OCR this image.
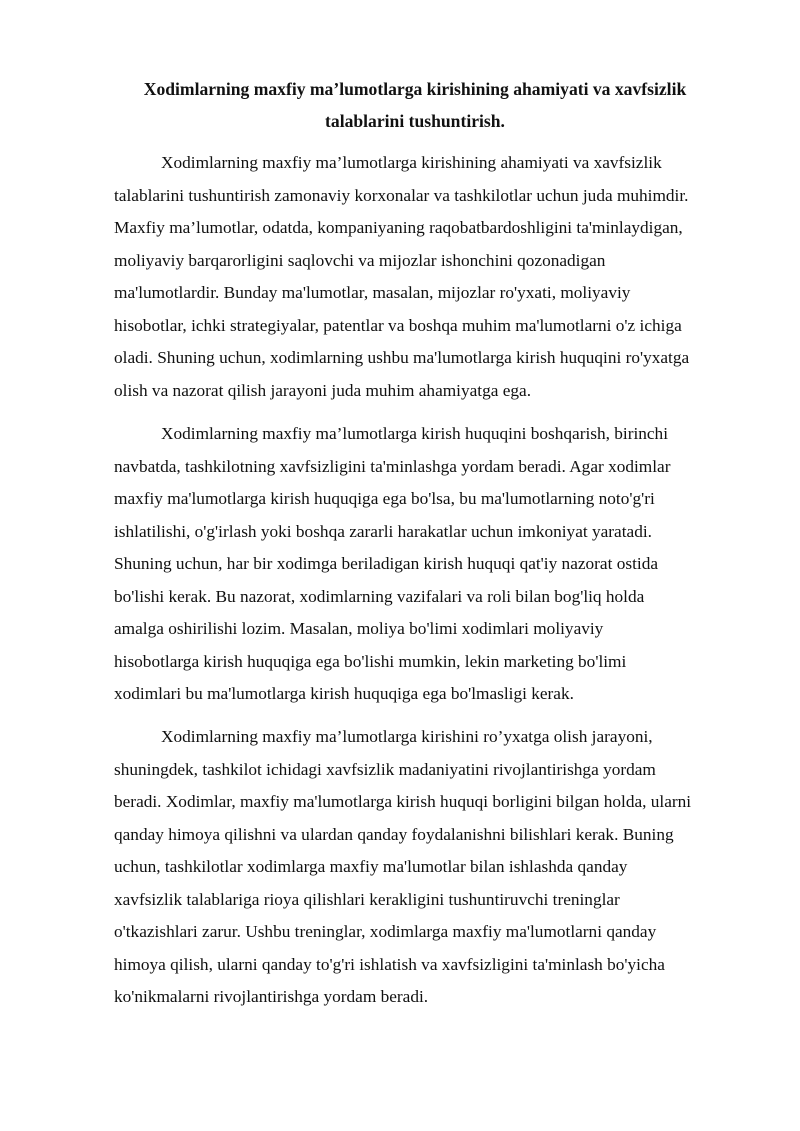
Xodimlarning maxfiy ma’lumotlarga kirishining ahamiyati va xavfsizlik
talablarini tushuntirish.

Xodimlarning maxfiy ma’lumotlarga kirishining ahamiyati va xavfsizlik
talablarini tushuntirish zamonaviy korxonalar va tashkilotlar uchun juda muhimdir.
Maxfiy ma’lumotlar, odatda, kompaniyaning raqobatbardoshligini ta'minlaydigan,
moliyaviy barqarorligini saqlovchi va mijozlar ishonchini qozonadigan
ma'lumotlardir. Bunday ma'lumotlar, masalan, mijozlar ro'yxati, moliyaviy
hisobotlar, ichki strategiyalar, patentlar va boshqa muhim ma'lumotlarni o'z ichiga
oladi. Shuning uchun, xodimlarning ushbu ma'lumotlarga kirish huquqini ro'yxatga
olish va nazorat qilish jarayoni juda muhim ahamiyatga ega.

Xodimlarning maxfiy ma’lumotlarga kirish huquqini boshqarish, birinchi
navbatda, tashkilotning xavfsizligini ta'minlashga yordam beradi. Agar xodimlar
maxfiy ma'lumotlarga kirish huquqiga ega bo'lsa, bu ma'lumotlarning noto'g'ri
ishlatilishi, o'g'irlash yoki boshqa zararli harakatlar uchun imkoniyat yaratadi.
Shuning uchun, har bir xodimga beriladigan kirish huquqi qat'iy nazorat ostida
bo'lishi kerak. Bu nazorat, xodimlarning vazifalari va roli bilan bog'liq holda
amalga oshirilishi lozim. Masalan, moliya bo'limi xodimlari moliyaviy
hisobotlarga kirish huquqiga ega bo'lishi mumkin, lekin marketing bo'limi
xodimlari bu ma'lumotlarga kirish huquqiga ega bo'lmasligi kerak.

Xodimlarning maxfiy ma’lumotlarga kirishini ro’yxatga olish jarayoni,
shuningdek, tashkilot ichidagi xavfsizlik madaniyatini rivojlantirishga yordam
beradi. Xodimlar, maxfiy ma'lumotlarga kirish huquqi borligini bilgan holda, ularni
qanday himoya qilishni va ulardan qanday foydalanishni bilishlari kerak. Buning
uchun, tashkilotlar xodimlarga maxfiy ma'lumotlar bilan ishlashda qanday
xavfsizlik talablariga rioya qilishlari kerakligini tushuntiruvchi treninglar
o'tkazishlari zarur. Ushbu treninglar, xodimlarga maxfiy ma'lumotlarni qanday
himoya qilish, ularni qanday to'g'ri ishlatish va xavfsizligini ta'minlash bo'yicha
ko'nikmalarni rivojlantirishga yordam beradi.
